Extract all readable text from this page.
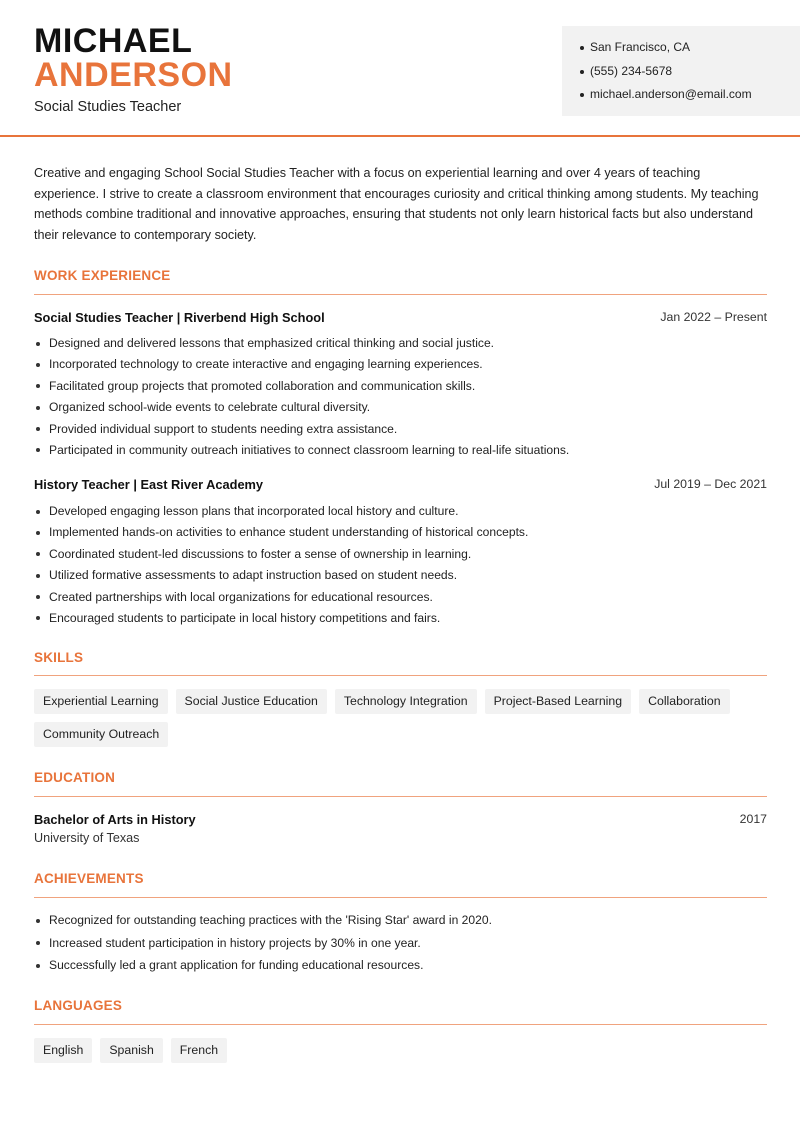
MICHAEL
ANDERSON
Social Studies Teacher
San Francisco, CA
(555) 234-5678
michael.anderson@email.com
Creative and engaging School Social Studies Teacher with a focus on experiential learning and over 4 years of teaching experience. I strive to create a classroom environment that encourages curiosity and critical thinking among students. My teaching methods combine traditional and innovative approaches, ensuring that students not only learn historical facts but also understand their relevance to contemporary society.
WORK EXPERIENCE
Social Studies Teacher | Riverbend High School	Jan 2022 – Present
Designed and delivered lessons that emphasized critical thinking and social justice.
Incorporated technology to create interactive and engaging learning experiences.
Facilitated group projects that promoted collaboration and communication skills.
Organized school-wide events to celebrate cultural diversity.
Provided individual support to students needing extra assistance.
Participated in community outreach initiatives to connect classroom learning to real-life situations.
History Teacher | East River Academy	Jul 2019 – Dec 2021
Developed engaging lesson plans that incorporated local history and culture.
Implemented hands-on activities to enhance student understanding of historical concepts.
Coordinated student-led discussions to foster a sense of ownership in learning.
Utilized formative assessments to adapt instruction based on student needs.
Created partnerships with local organizations for educational resources.
Encouraged students to participate in local history competitions and fairs.
SKILLS
Experiential Learning	Social Justice Education	Technology Integration	Project-Based Learning	Collaboration
Community Outreach
EDUCATION
Bachelor of Arts in History	2017
University of Texas
ACHIEVEMENTS
Recognized for outstanding teaching practices with the 'Rising Star' award in 2020.
Increased student participation in history projects by 30% in one year.
Successfully led a grant application for funding educational resources.
LANGUAGES
English	Spanish	French
